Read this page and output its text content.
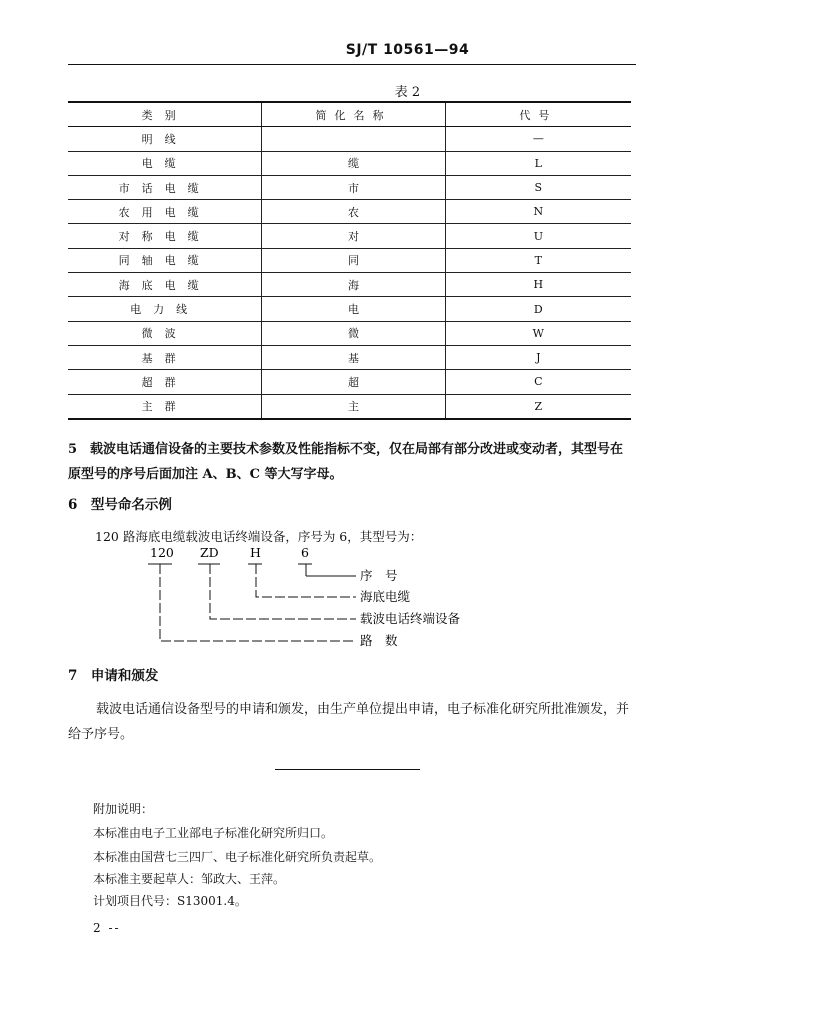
SJ/T 10561—94
表 2
类别	简化名称	代号
明线		—
电缆	缆	L
市话电缆	市	S
农用电缆	农	N
对称电缆	对	U
同轴电缆	同	T
海底电缆	海	H
电力线	电	D
微波	微	W
基群	基	J
超群	超	C
主群	主	Z
5　载波电话通信设备的主要技术参数及性能指标不变，仅在局部有部分改进或变动者，其型号在原型号的序号后面加注 A、B、C 等大写字母。
6　型号命名示例
120 路海底电缆载波电话终端设备，序号为 6，其型号为：
120 ZD	H	6
序　号
海底电缆
载波电话终端设备
路　数
7　申请和颁发
载波电话通信设备型号的申请和颁发，由生产单位提出申请，电子标准化研究所批准颁发，并给予序号。
附加说明：
本标准由电子工业部电子标准化研究所归口。
本标准由国营七三四厂、电子标准化研究所负责起草。
本标准主要起草人：邹政大、王萍。
计划项目代号：S13001.4。
2 --
